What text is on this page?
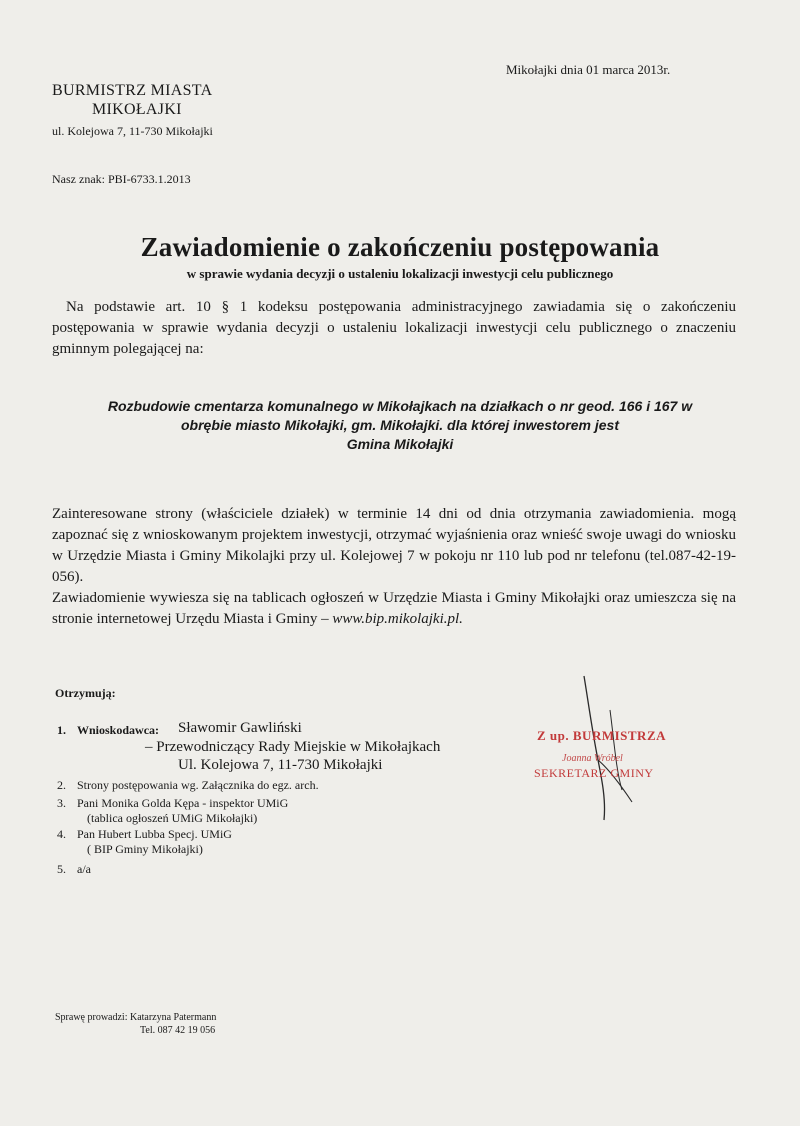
Mikołajki dnia 01 marca 2013r.
BURMISTRZ MIASTA
MIKOŁAJKI
ul. Kolejowa 7, 11-730 Mikołajki
Nasz znak: PBI-6733.1.2013
Zawiadomienie o zakończeniu postępowania
w sprawie wydania decyzji o ustaleniu lokalizacji inwestycji celu publicznego
Na podstawie art. 10 § 1 kodeksu postępowania administracyjnego zawiadamia się o zakończeniu postępowania w sprawie wydania decyzji o ustaleniu lokalizacji inwestycji celu publicznego o znaczeniu gminnym polegającej na:
Rozbudowie cmentarza komunalnego w Mikołajkach na działkach o nr geod. 166 i 167 w
obrębie miasto Mikołajki, gm. Mikołajki. dla której inwestorem jest
Gmina Mikołajki
Zainteresowane strony (właściciele działek) w terminie 14 dni od dnia otrzymania zawiadomienia. mogą zapoznać się z wnioskowanym projektem inwestycji, otrzymać wyjaśnienia oraz wnieść swoje uwagi do wniosku w Urzędzie Miasta i Gminy Mikolajki przy ul. Kolejowej 7 w pokoju nr 110 lub pod nr telefonu (tel.087-42-19-056).
Zawiadomienie wywiesza się na tablicach ogłoszeń w Urzędzie Miasta i Gminy Mikołajki oraz umieszcza się na stronie internetowej Urzędu Miasta i Gminy – www.bip.mikolajki.pl.
Otrzymują:
1. Wnioskodawca: Sławomir Gawliński
– Przewodniczący Rady Miejskie w Mikołajkach
Ul. Kolejowa 7, 11-730 Mikołajki
2. Strony postępowania wg. Załącznika do egz. arch.
3. Pani Monika Golda Kępa - inspektor UMiG
(tablica ogłoszeń UMiG Mikołajki)
4. Pan Hubert Lubba Specj. UMiG
( BIP Gminy Mikołajki)
5. a/a
Z up. BURMISTRZA
Joanna Wróbel
SEKRETARZ GMINY
Sprawę prowadzi: Katarzyna Patermann
Tel. 087 42 19 056
